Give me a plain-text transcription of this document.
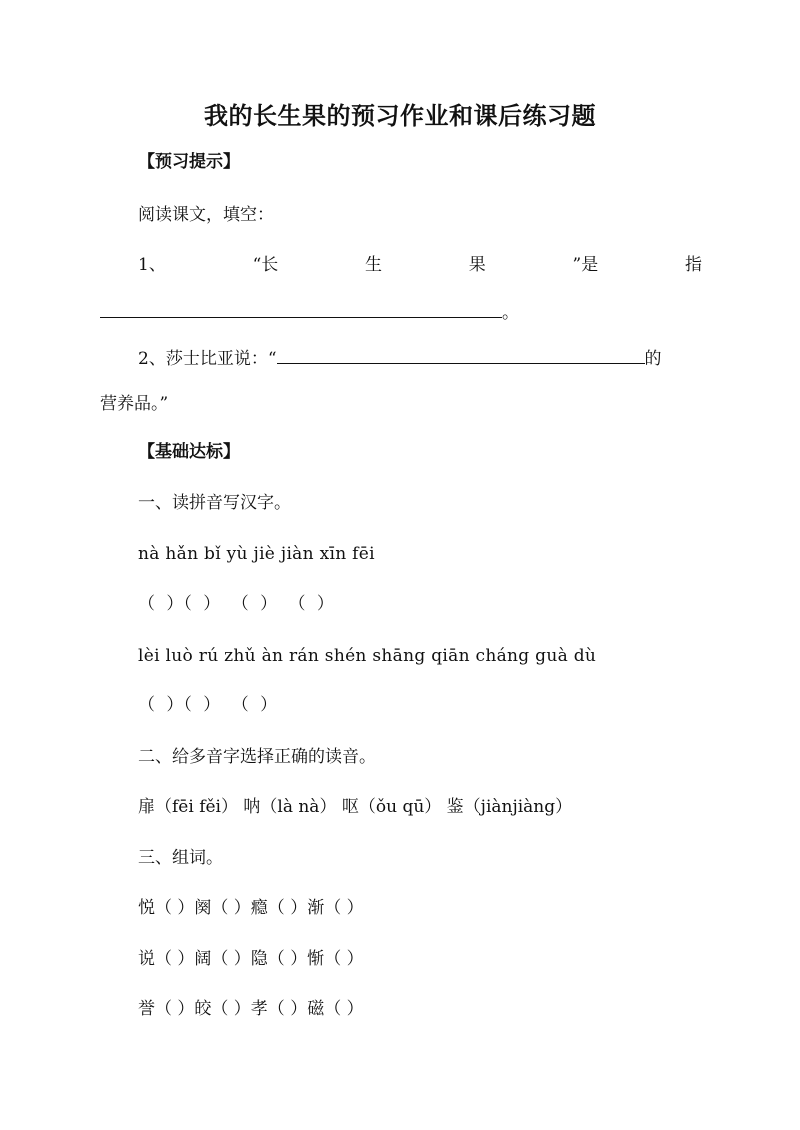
我的长生果的预习作业和课后练习题
【预习提示】
阅读课文，填空：
1、	“长	生	果	”是	指
。
2、莎士比亚说：“	的
营养品。”
【基础达标】
一、读拼音写汉字。
nà hǎn bǐ yù jiè jiàn xīn fēi
（ ）（ ） （ ） （ ）
lèi luò rú zhǔ àn rán shén shāng qiān cháng guà dù
（ ）（ ） （ ）
二、给多音字选择正确的读音。
扉（fēi fěi） 呐（là nà） 呕（ǒu qū） 鉴（jiànjiàng）
三、组词。
悦（ ）阕（ ）瘾（ ）渐（ ）
说（ ）阔（ ）隐（ ）惭（ ）
誉（ ）皎（ ）孝（ ）磁（ ）
